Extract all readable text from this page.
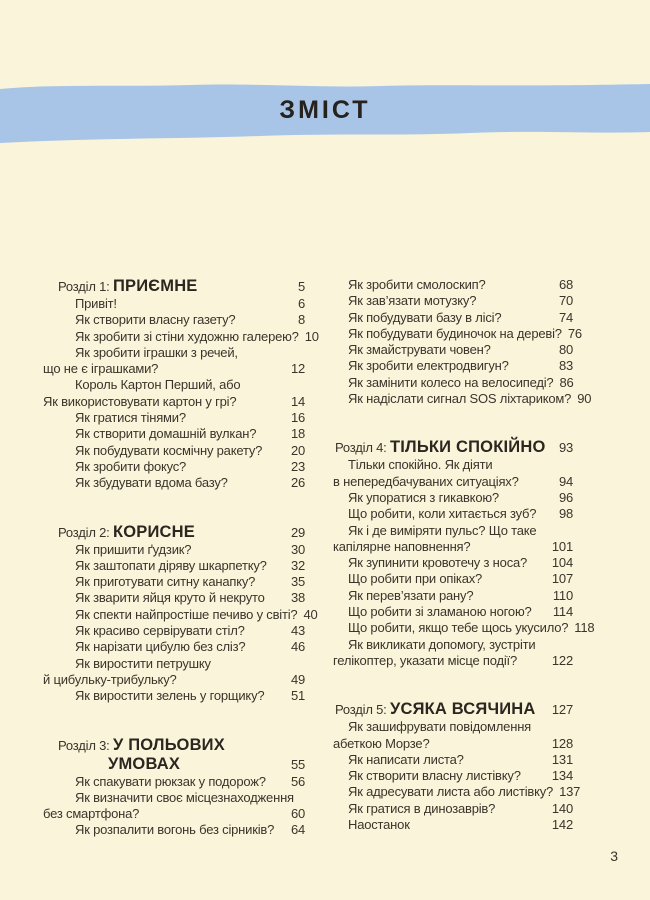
ЗМІСТ
Розділ 1: ПРИЄМНЕ	5
Привіт!	6
Як створити власну газету?	8
Як зробити зі стіни художню галерею? 10
Як зробити іграшки з речей,
що не є іграшками?	12
Король Картон Перший, або
Як використовувати картон у грі?	14
Як гратися тінями?	16
Як створити домашній вулкан?	18
Як побудувати космічну ракету? 20
Як зробити фокус?	23
Як збудувати вдома базу?	26
Розділ 2: КОРИСНЕ	29
Як пришити ґудзик?	30
Як заштопати діряву шкарпетку? 32
Як приготувати ситну канапку?	35
Як зварити яйця круто й некруто 38
Як спекти найпростіше печиво у світі? 40
Як красиво сервірувати стіл?	43
Як нарізати цибулю без сліз?	46
Як виростити петрушку
й цибульку-трибульку?	49
Як виростити зелень у горщику? 51
Розділ 3: У ПОЛЬОВИХ
УМОВАХ	55
Як спакувати рюкзак у подорож? 56
Як визначити своє місцезнаходження
без смартфона?	60
Як розпалити вогонь без сірників? 64
Як зробити смолоскип?	68
Як зав’язати мотузку?	70
Як побудувати базу в лісі?	74
Як побудувати будиночок на дереві? 76
Як змайструвати човен?	80
Як зробити електродвигун?	83
Як замінити колесо на велосипеді? 86
Як надіслати сигнал SOS ліхтариком? 90
Розділ 4: ТІЛЬКИ СПОКІЙНО 93
Тільки спокійно. Як діяти
в непередбачуваних ситуаціях?	94
Як упоратися з гикавкою?	96
Що робити, коли хитається зуб? 98
Як і де виміряти пульс? Що таке
капілярне наповнення?	101
Як зупинити кровотечу з носа? 104
Що робити при опіках?	107
Як перев’язати рану?	110
Що робити зі зламаною ногою? 114
Що робити, якщо тебе щось укусило? 118
Як викликати допомогу, зустріти
гелікоптер, указати місце події?	122
Розділ 5: УСЯКА ВСЯЧИНА 127
Як зашифрувати повідомлення
абеткою Морзе?	128
Як написати листа?	131
Як створити власну листівку? 134
Як адресувати листа або листівку? 137
Як гратися в динозаврів?	140
Наостанок	142
3
